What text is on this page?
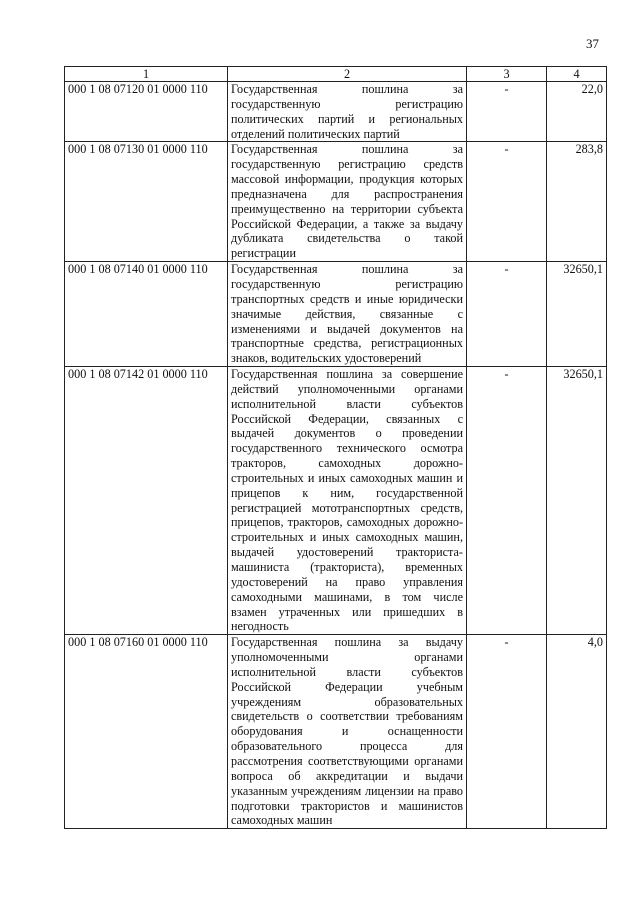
37
1	2	3	4
000 1 08 07120 01 0000 110	Государственная пошлина за государственную регистрацию политических партий и региональных отделений политических партий	-	22,0
000 1 08 07130 01 0000 110	Государственная пошлина за государственную регистрацию средств массовой информации, продукция которых предназначена для распространения преимущественно на территории субъекта Российской Федерации, а также за выдачу дубликата свидетельства о такой регистрации	-	283,8
000 1 08 07140 01 0000 110	Государственная пошлина за государственную регистрацию транспортных средств и иные юридически значимые действия, связанные с изменениями и выдачей документов на транспортные средства, регистрационных знаков, водительских удостоверений	-	32650,1
000 1 08 07142 01 0000 110	Государственная пошлина за совершение действий уполномоченными органами исполнительной власти субъектов Российской Федерации, связанных с выдачей документов о проведении государственного технического осмотра тракторов, самоходных дорожно-строительных и иных самоходных машин и прицепов к ним, государственной регистрацией мототранспортных средств, прицепов, тракторов, самоходных дорожно-строительных и иных самоходных машин, выдачей удостоверений тракториста-машиниста (тракториста), временных удостоверений на право управления самоходными машинами, в том числе взамен утраченных или пришедших в негодность	-	32650,1
000 1 08 07160 01 0000 110	Государственная пошлина за выдачу уполномоченными органами исполнительной власти субъектов Российской Федерации учебным учреждениям образовательных свидетельств о соответствии требованиям оборудования и оснащенности образовательного процесса для рассмотрения соответствующими органами вопроса об аккредитации и выдачи указанным учреждениям лицензии на право подготовки трактористов и машинистов самоходных машин	-	4,0
